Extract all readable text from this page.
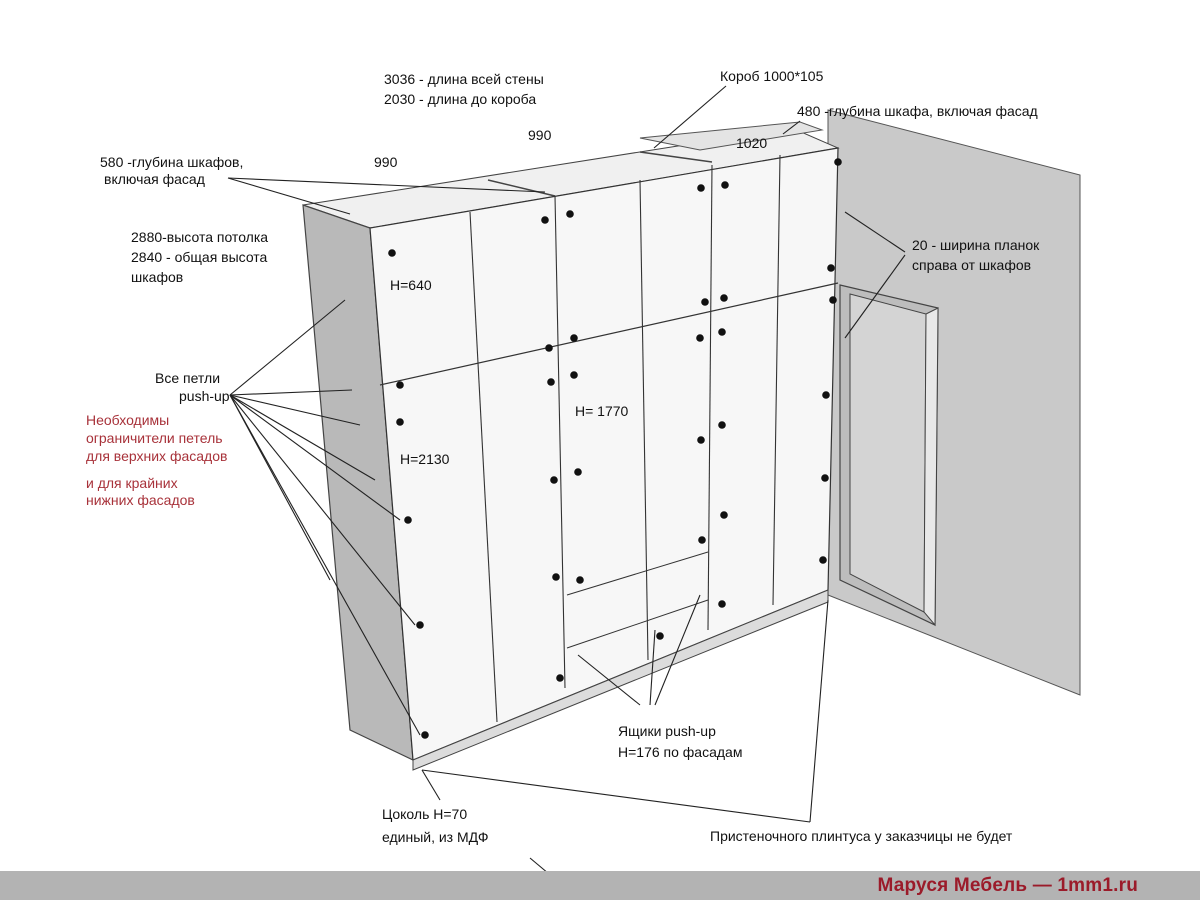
3036 - длина всей стены
2030 - длина до короба
Короб 1000*105
480 -глубина шкафа, включая фасад
990	1020
990
580 -глубина шкафов,
включая фасад
2880-высота потолка
2840 - общая высота
шкафов	H=640
H= 1770
H=2130
20 - ширина планок
справа от шкафов
Все петли
push-up
Необходимы
ограничители петель
для верхних фасадов
и для крайних
нижних фасадов
Ящики push-up
H=176 по фасадам
Цоколь H=70
единый, из МДФ	Пристеночного плинтуса у заказчицы не будет
Маруся Мебель — 1mm1.ru
